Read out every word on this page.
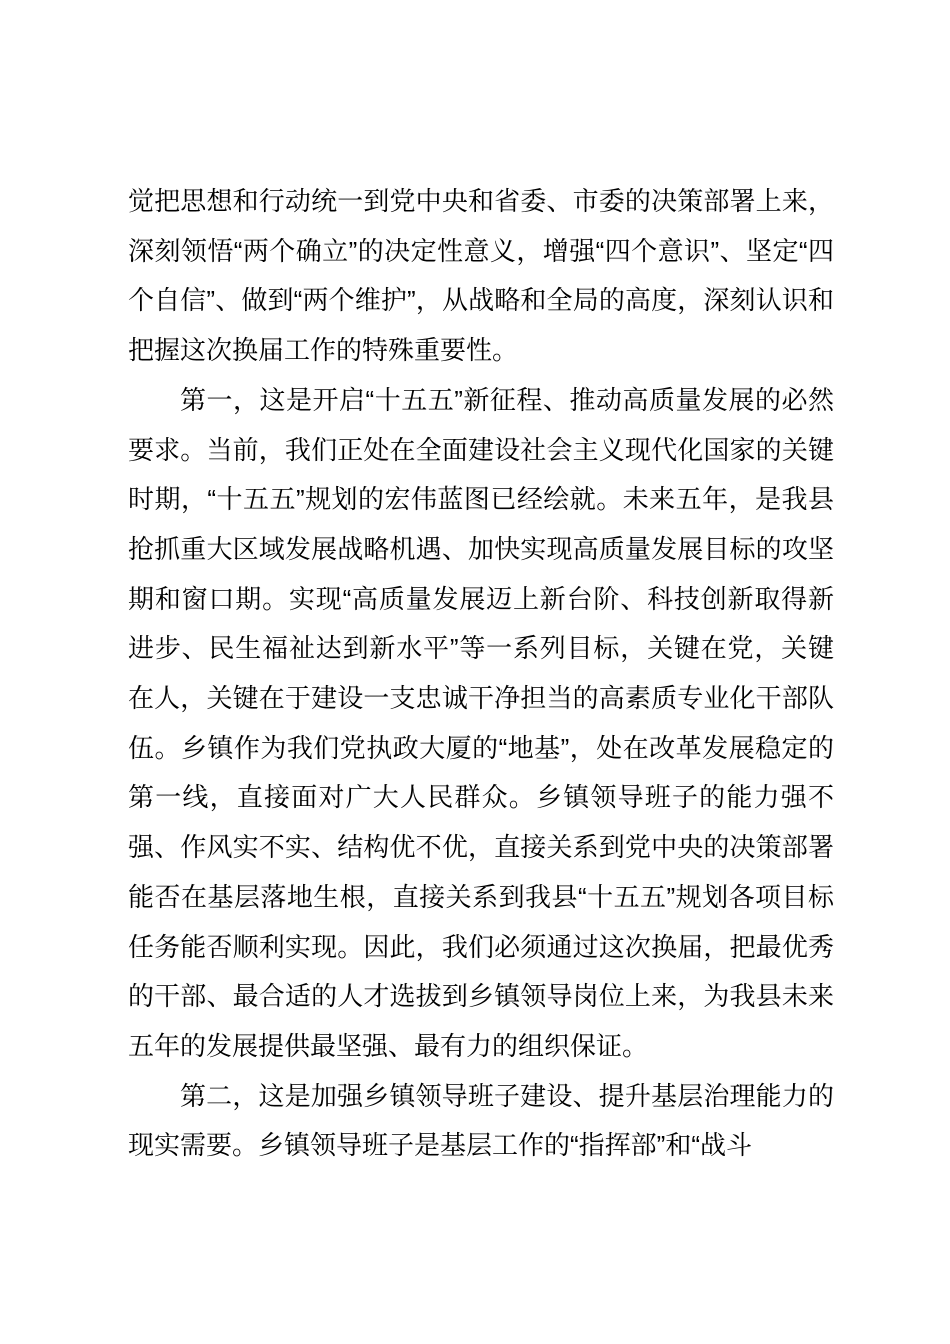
觉把思想和行动统一到党中央和省委、市委的决策部署上来，深刻领悟“两个确立”的决定性意义，增强“四个意识”、坚定“四个自信”、做到“两个维护”，从战略和全局的高度，深刻认识和把握这次换届工作的特殊重要性。

第一，这是开启“十五五”新征程、推动高质量发展的必然要求。当前，我们正处在全面建设社会主义现代化国家的关键时期，“十五五”规划的宏伟蓝图已经绘就。未来五年，是我县抢抓重大区域发展战略机遇、加快实现高质量发展目标的攻坚期和窗口期。实现“高质量发展迈上新台阶、科技创新取得新进步、民生福祉达到新水平”等一系列目标，关键在党，关键在人，关键在于建设一支忠诚干净担当的高素质专业化干部队伍。乡镇作为我们党执政大厦的“地基”，处在改革发展稳定的第一线，直接面对广大人民群众。乡镇领导班子的能力强不强、作风实不实、结构优不优，直接关系到党中央的决策部署能否在基层落地生根，直接关系到我县“十五五”规划各项目标任务能否顺利实现。因此，我们必须通过这次换届，把最优秀的干部、最合适的人才选拔到乡镇领导岗位上来，为我县未来五年的发展提供最坚强、最有力的组织保证。

第二，这是加强乡镇领导班子建设、提升基层治理能力的现实需要。乡镇领导班子是基层工作的“指挥部”和“战斗
